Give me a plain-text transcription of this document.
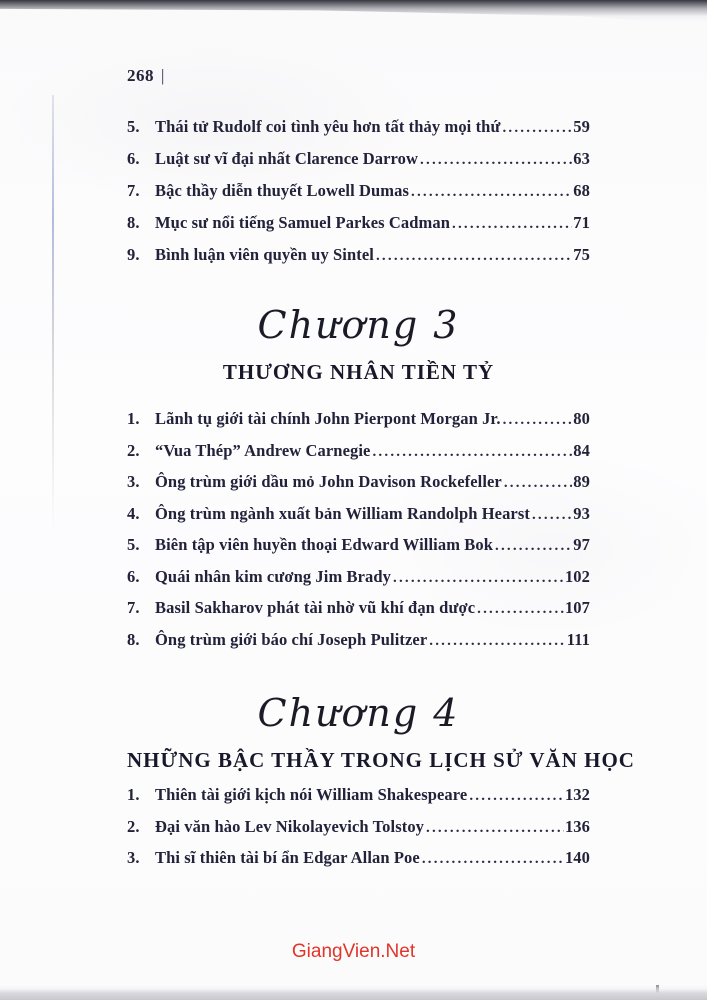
268 |
5. Thái tử Rudolf coi tình yêu hơn tất thảy mọi thứ .....	59
6. Luật sư vĩ đại nhất Clarence Darrow .....	63
7. Bậc thầy diễn thuyết Lowell Dumas .....	68
8. Mục sư nổi tiếng Samuel Parkes Cadman .....	71
9. Bình luận viên quyền uy Sintel .....	75
Chương 3
THƯƠNG NHÂN TIỀN TỶ
1. Lãnh tụ giới tài chính John Pierpont Morgan Jr. .....	80
2. “Vua Thép” Andrew Carnegie .....	84
3. Ông trùm giới dầu mỏ John Davison Rockefeller .....	89
4. Ông trùm ngành xuất bản William Randolph Hearst .....	93
5. Biên tập viên huyền thoại Edward William Bok .....	97
6. Quái nhân kim cương Jim Brady .....	102
7. Basil Sakharov phát tài nhờ vũ khí đạn dược .....	107
8. Ông trùm giới báo chí Joseph Pulitzer .....	111
Chương 4
NHỮNG BẬC THẦY TRONG LỊCH SỬ VĂN HỌC
1. Thiên tài giới kịch nói William Shakespeare .....	132
2. Đại văn hào Lev Nikolayevich Tolstoy .....	136
3. Thi sĩ thiên tài bí ẩn Edgar Allan Poe .....	140
GiangVien.Net
